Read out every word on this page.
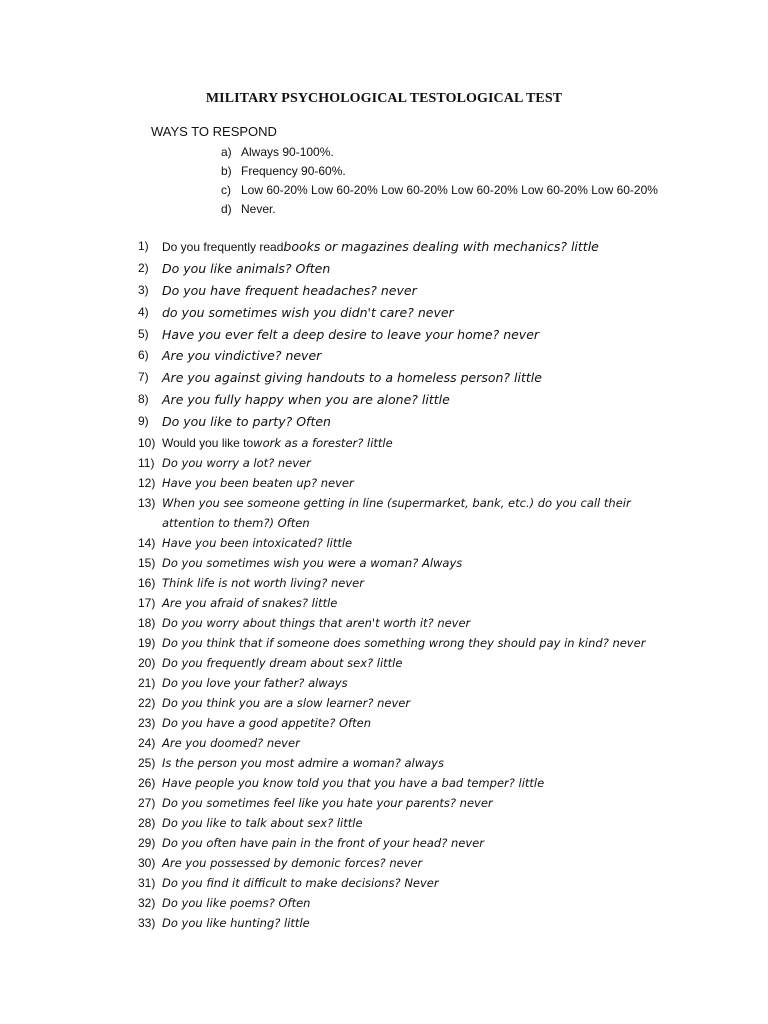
MILITARY PSYCHOLOGICAL TESTOLOGICAL TEST
WAYS TO RESPOND
a) Always 90-100%.
b) Frequency 90-60%.
c) Low 60-20% Low 60-20% Low 60-20% Low 60-20% Low 60-20% Low 60-20%
d) Never.
1)	Do you frequently readbooks or magazines dealing with mechanics? little
2)	Do you like animals? Often
3)	Do you have frequent headaches? never
4)	do you sometimes wish you didn't care? never
5)	Have you ever felt a deep desire to leave your home? never
6)	Are you vindictive? never
7)	Are you against giving handouts to a homeless person? little
8)	Are you fully happy when you are alone? little
9)	Do you like to party? Often
10) Would you like towork as a forester? little
11) Do you worry a lot? never
12) Have you been beaten up? never
13) When you see someone getting in line (supermarket, bank, etc.) do you call their attention to them?) Often
14) Have you been intoxicated? little
15) Do you sometimes wish you were a woman? Always
16) Think life is not worth living? never
17) Are you afraid of snakes? little
18) Do you worry about things that aren't worth it? never
19) Do you think that if someone does something wrong they should pay in kind? never
20) Do you frequently dream about sex? little
21) Do you love your father? always
22) Do you think you are a slow learner? never
23) Do you have a good appetite? Often
24) Are you doomed? never
25) Is the person you most admire a woman? always
26) Have people you know told you that you have a bad temper? little
27) Do you sometimes feel like you hate your parents? never
28) Do you like to talk about sex? little
29) Do you often have pain in the front of your head? never
30) Are you possessed by demonic forces? never
31) Do you find it difficult to make decisions? Never
32) Do you like poems? Often
33) Do you like hunting? little
